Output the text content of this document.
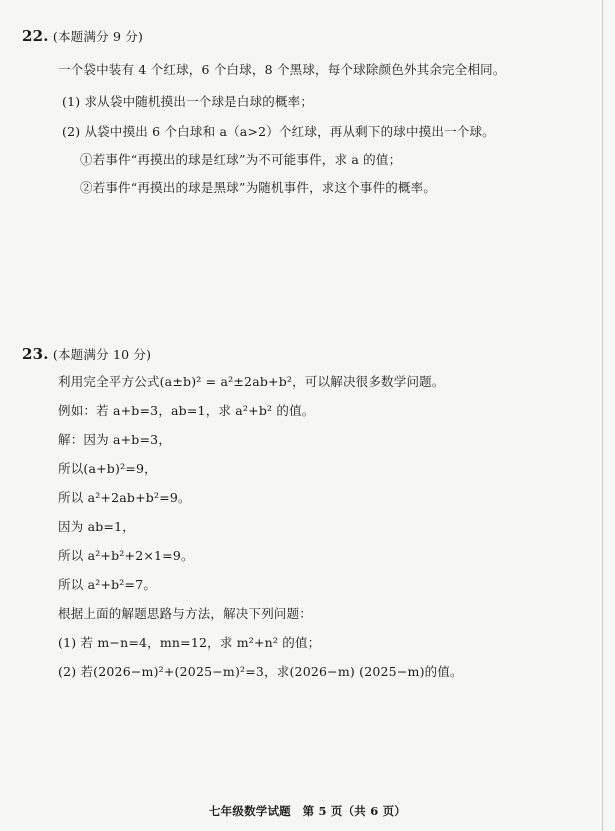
22. (本题满分 9 分)
一个袋中装有 4 个红球，6 个白球，8 个黑球，每个球除颜色外其余完全相同。
(1) 求从袋中随机摸出一个球是白球的概率；
(2) 从袋中摸出 6 个白球和 a（a>2）个红球，再从剩下的球中摸出一个球。
①若事件“再摸出的球是红球”为不可能事件，求 a 的值；
②若事件“再摸出的球是黑球”为随机事件，求这个事件的概率。
23. (本题满分 10 分)
利用完全平方公式(a±b)² = a²±2ab+b²，可以解决很多数学问题。
例如：若 a+b=3，ab=1，求 a²+b² 的值。
解：因为 a+b=3，
所以(a+b)²=9，
所以 a²+2ab+b²=9。
因为 ab=1，
所以 a²+b²+2×1=9。
所以 a²+b²=7。
根据上面的解题思路与方法，解决下列问题：
(1) 若 m−n=4，mn=12，求 m²+n² 的值；
(2) 若(2026−m)²+(2025−m)²=3，求(2026−m) (2025−m)的值。
七年级数学试题　第 5 页（共 6 页）
